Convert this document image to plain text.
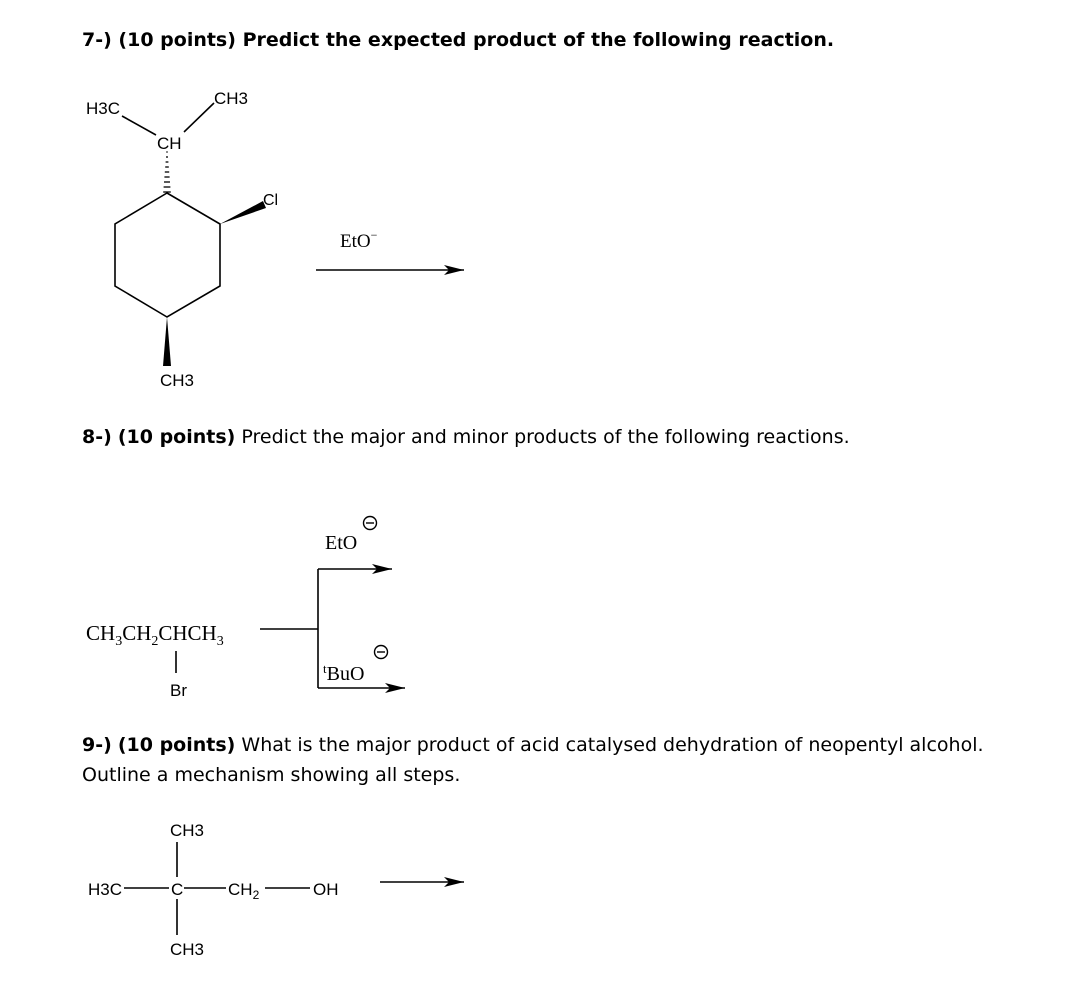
7-) (10 points) Predict the expected product of the following reaction.

H3C
CH3
CH
Cl
CH3
EtO−
$CH_3CH_2CHCH_3$
Br
EtO
$^t$BuO
CH3
H3C	C	$CH_2$	OH
CH3

8-) (10 points) Predict the major and minor products of the following reactions.

9-) (10 points) What is the major product of acid catalysed dehydration of neopentyl alcohol.
Outline a mechanism showing all steps.
